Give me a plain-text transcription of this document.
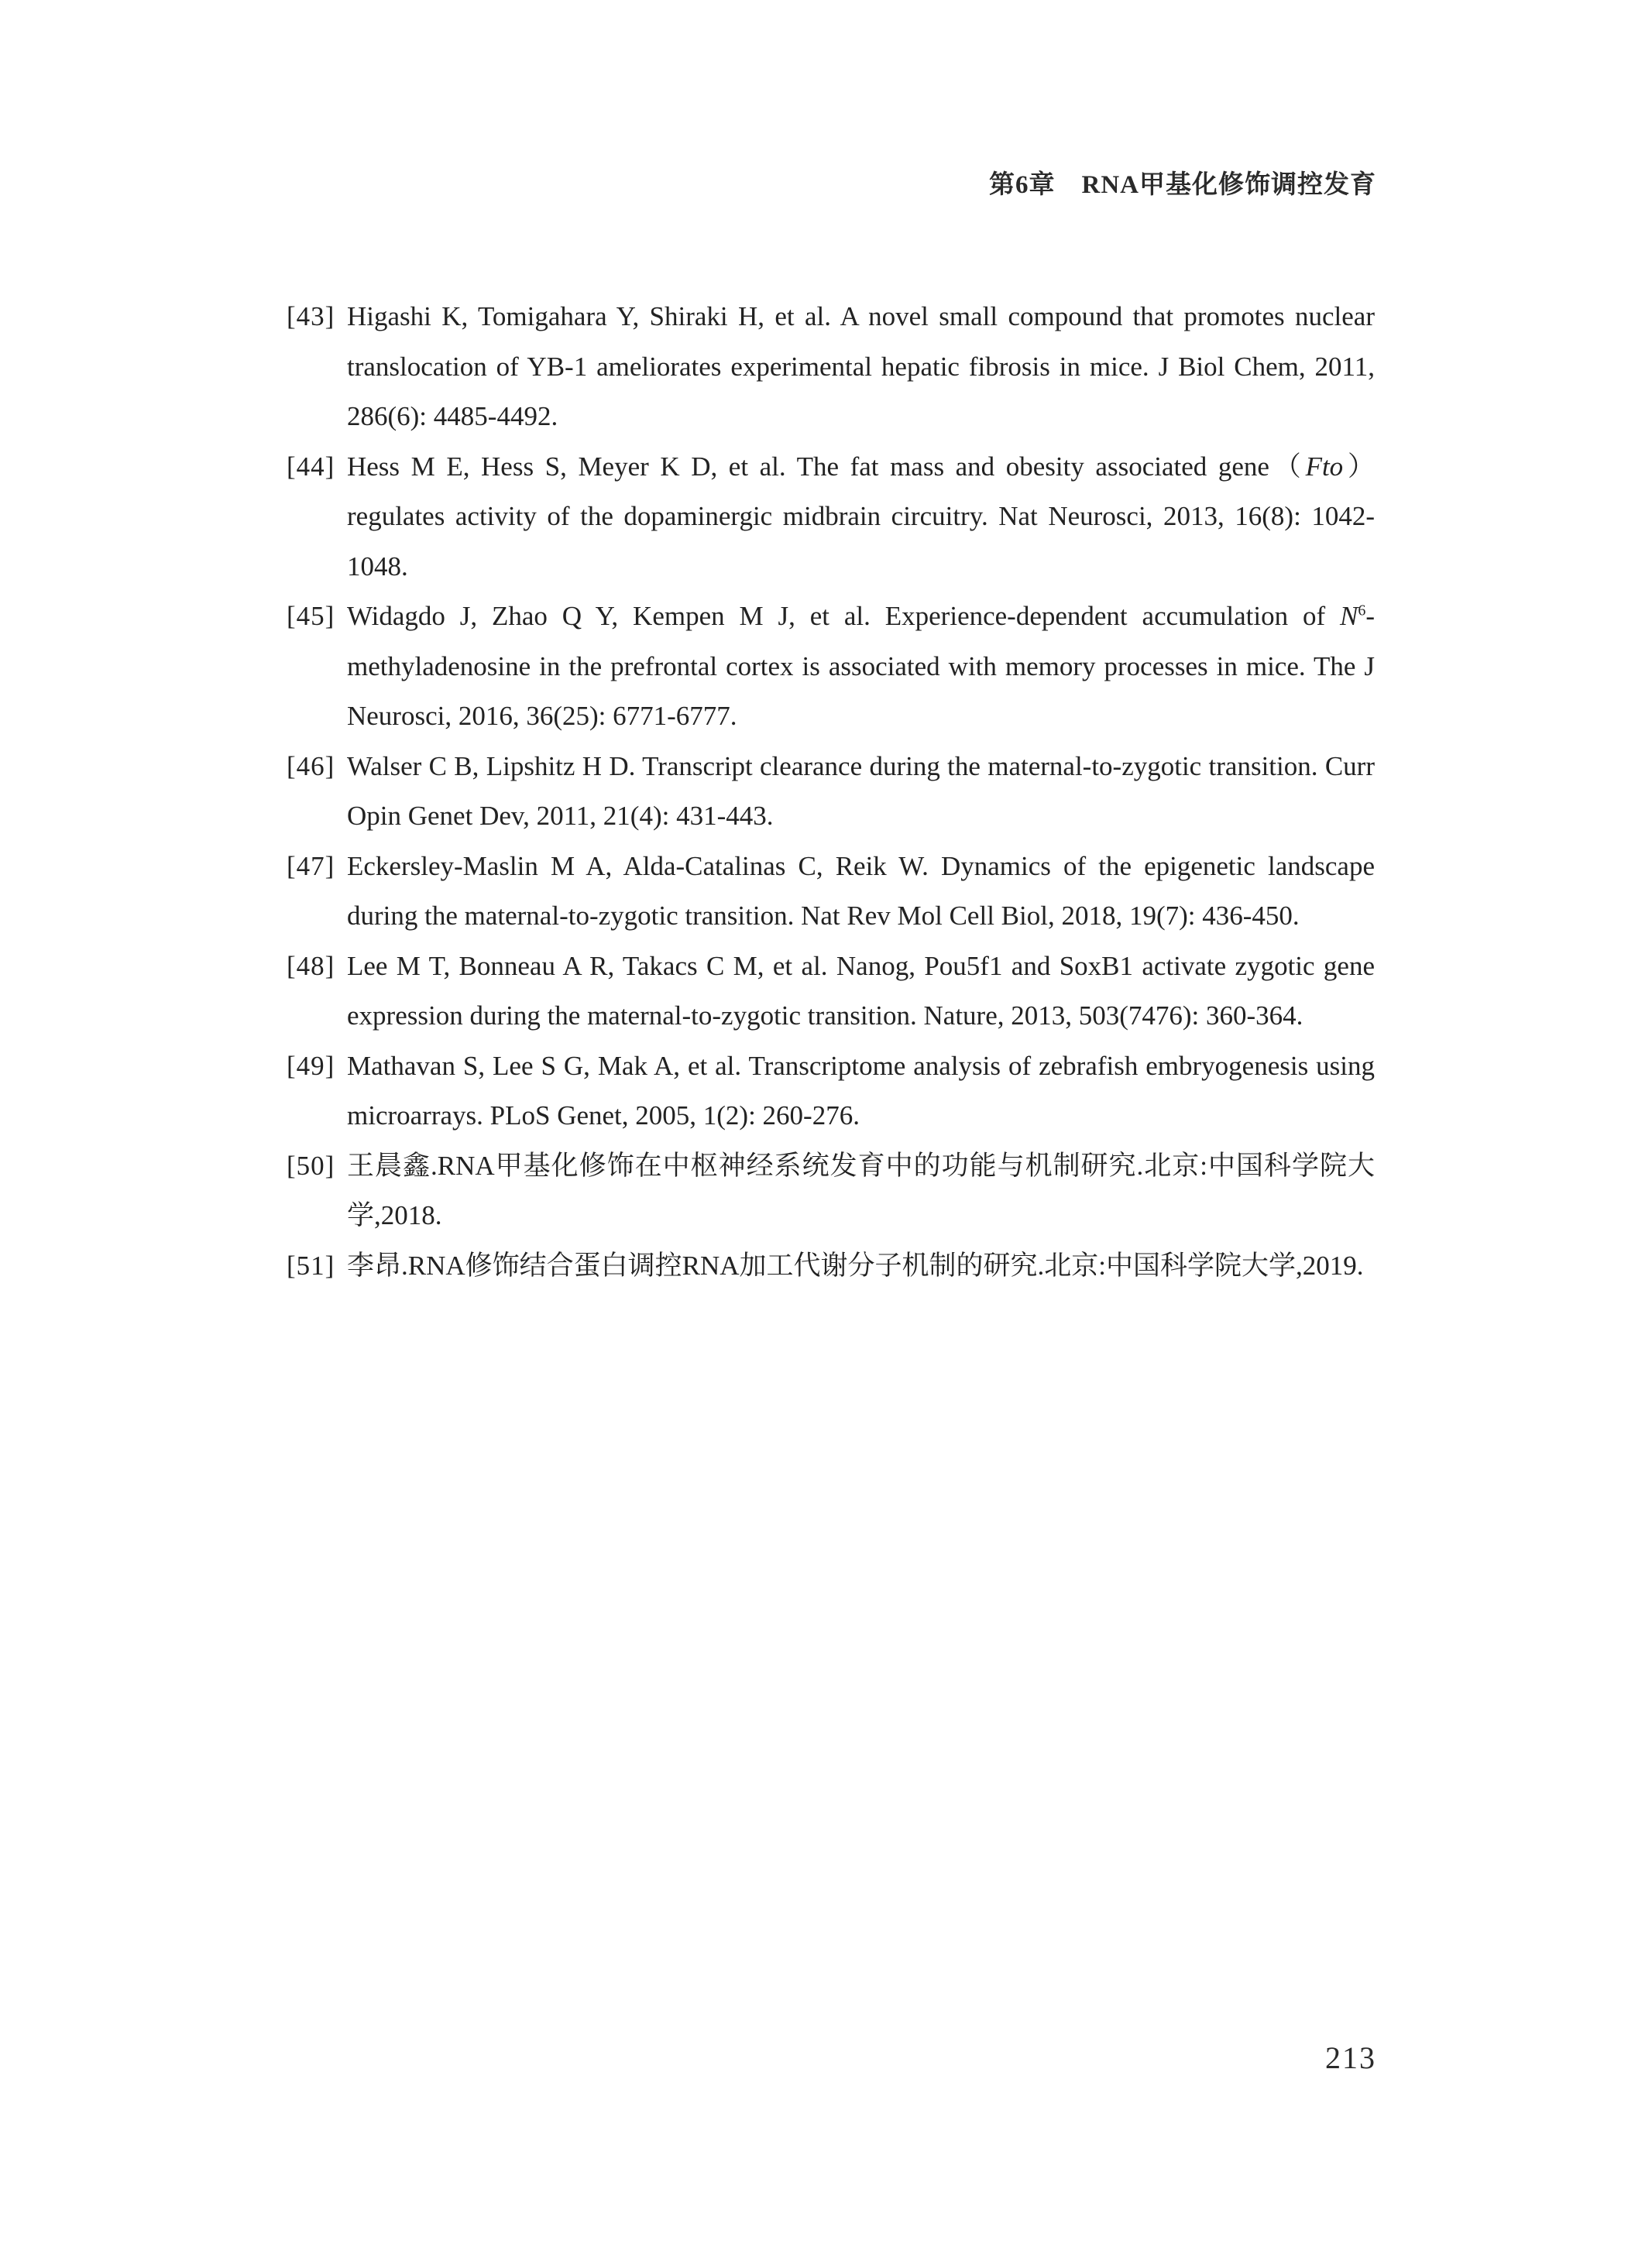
第6章　RNA甲基化修饰调控发育

[43] Higashi K, Tomigahara Y, Shiraki H, et al. A novel small compound that promotes nuclear translocation of YB-1 ameliorates experimental hepatic fibrosis in mice. J Biol Chem, 2011, 286(6): 4485-4492.

[44] Hess M E, Hess S, Meyer K D, et al. The fat mass and obesity associated gene（Fto）regulates activity of the dopaminergic midbrain circuitry. Nat Neurosci, 2013, 16(8): 1042-1048.

[45] Widagdo J, Zhao Q Y, Kempen M J, et al. Experience-dependent accumulation of $N^6$-methyladenosine in the prefrontal cortex is associated with memory processes in mice. The J Neurosci, 2016, 36(25): 6771-6777.

[46] Walser C B, Lipshitz H D. Transcript clearance during the maternal-to-zygotic transition. Curr Opin Genet Dev, 2011, 21(4): 431-443.

[47] Eckersley-Maslin M A, Alda-Catalinas C, Reik W. Dynamics of the epigenetic landscape during the maternal-to-zygotic transition. Nat Rev Mol Cell Biol, 2018, 19(7): 436-450.

[48] Lee M T, Bonneau A R, Takacs C M, et al. Nanog, Pou5f1 and SoxB1 activate zygotic gene expression during the maternal-to-zygotic transition. Nature, 2013, 503(7476): 360-364.

[49] Mathavan S, Lee S G, Mak A, et al. Transcriptome analysis of zebrafish embryogenesis using microarrays. PLoS Genet, 2005, 1(2): 260-276.

[50] 王晨鑫.RNA甲基化修饰在中枢神经系统发育中的功能与机制研究.北京:中国科学院大学,2018.

[51] 李昂.RNA修饰结合蛋白调控RNA加工代谢分子机制的研究.北京:中国科学院大学,2019.

213
